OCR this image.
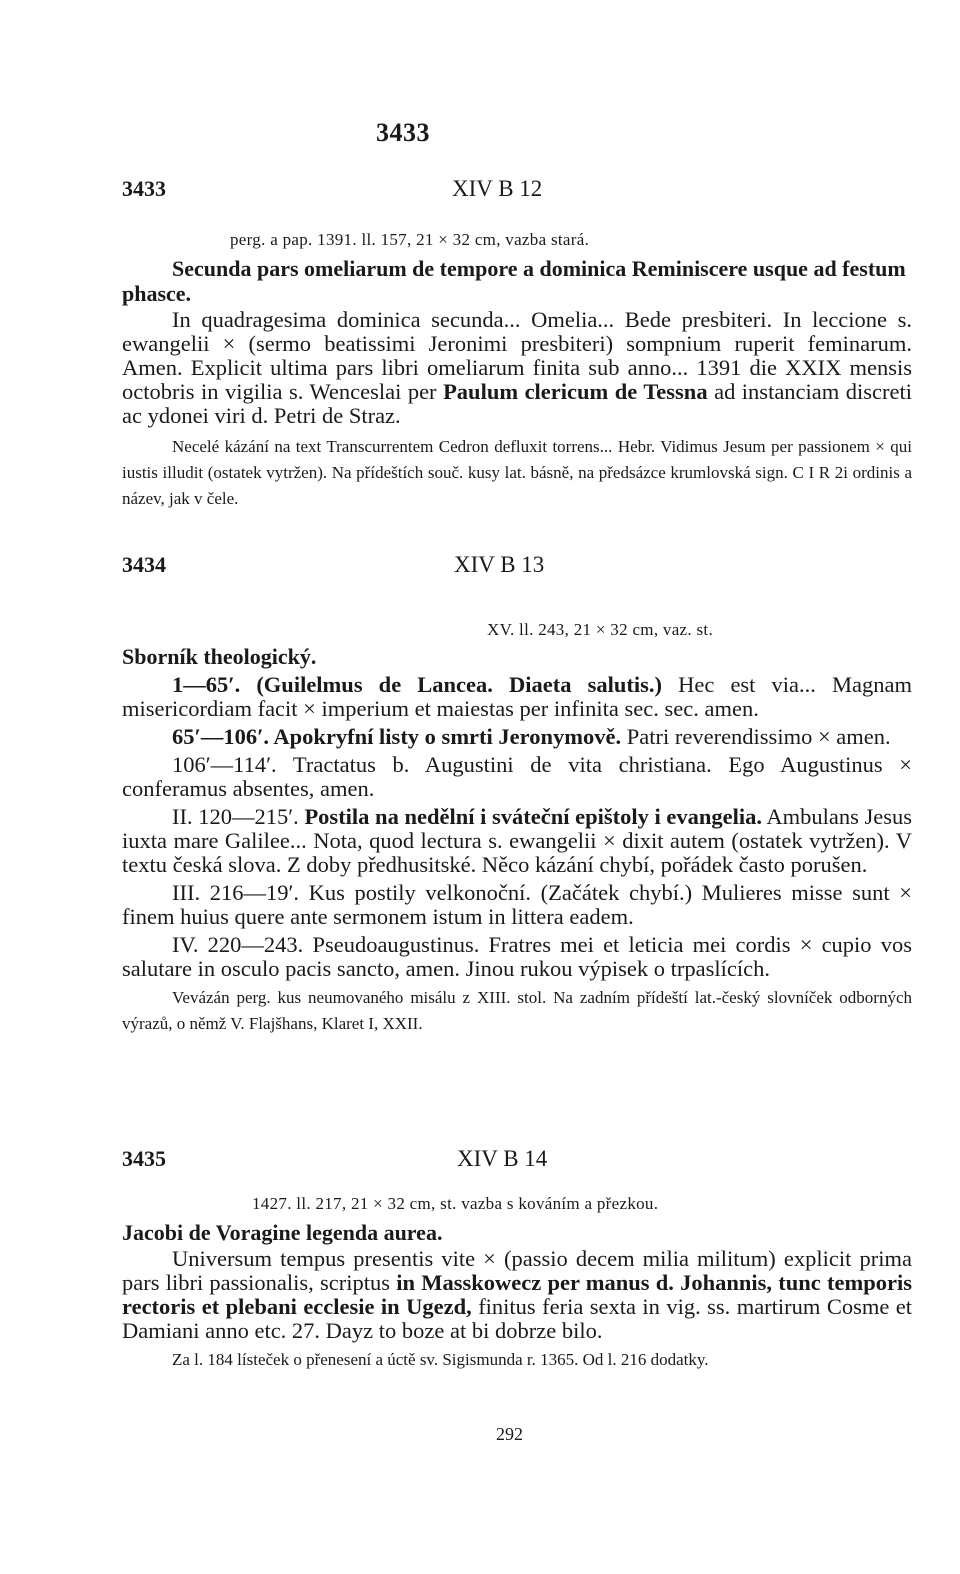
3433
3433	XIV B 12

perg. a pap. 1391. ll. 157, 21 × 32 cm, vazba stará.

Secunda pars omeliarum de tempore a dominica Reminiscere usque ad festum phasce.

In quadragesima dominica secunda... Omelia... Bede presbiteri. In leccione s. ewangelii × (sermo beatissimi Jeronimi presbiteri) sompnium ruperit feminarum. Amen. Explicit ultima pars libri omeliarum finita sub anno... 1391 die XXIX mensis octobris in vigilia s. Wenceslai per Paulum clericum de Tessna ad instanciam discreti ac ydonei viri d. Petri de Straz.

Necelé kázání na text Transcurrentem Cedron defluxit torrens... Hebr. Vidimus Jesum per passionem × qui iustis illudit (ostatek vytržen). Na přídeštích souč. kusy lat. básně, na předsázce krumlovská sign. C I R 2i ordinis a název, jak v čele.

3434	XIV B 13

XV. ll. 243, 21 × 32 cm, vaz. st.

Sborník theologický.

1—65′. (Guilelmus de Lancea. Diaeta salutis.) Hec est via... Magnam misericordiam facit × imperium et maiestas per infinita sec. sec. amen.

65′—106′. Apokryfní listy o smrti Jeronymově. Patri reverendissimo × amen.

106′—114′. Tractatus b. Augustini de vita christiana. Ego Augustinus × conferamus absentes, amen.

II. 120—215′. Postila na nedělní i sváteční epištoly i evangelia. Ambulans Jesus iuxta mare Galilee... Nota, quod lectura s. ewangelii × dixit autem (ostatek vytržen). V textu česká slova. Z doby předhusitské. Něco kázání chybí, pořádek často porušen.

III. 216—19′. Kus postily velkonoční. (Začátek chybí.) Mulieres misse sunt × finem huius quere ante sermonem istum in littera eadem.

IV. 220—243. Pseudoaugustinus. Fratres mei et leticia mei cordis × cupio vos salutare in osculo pacis sancto, amen. Jinou rukou výpisek o trpaslících.

Vevázán perg. kus neumovaného misálu z XIII. stol. Na zadním přídeští lat.-český slovníček odborných výrazů, o němž V. Flajšhans, Klaret I, XXII.

3435	XIV B 14

1427. ll. 217, 21 × 32 cm, st. vazba s kováním a přezkou.

Jacobi de Voragine legenda aurea.

Universum tempus presentis vite × (passio decem milia militum) explicit prima pars libri passionalis, scriptus in Masskowecz per manus d. Johannis, tunc temporis rectoris et plebani ecclesie in Ugezd, finitus feria sexta in vig. ss. martirum Cosme et Damiani anno etc. 27. Dayz to boze at bi dobrze bilo.

Za l. 184 lísteček o přenesení a úctě sv. Sigismunda r. 1365. Od l. 216 dodatky.

292
